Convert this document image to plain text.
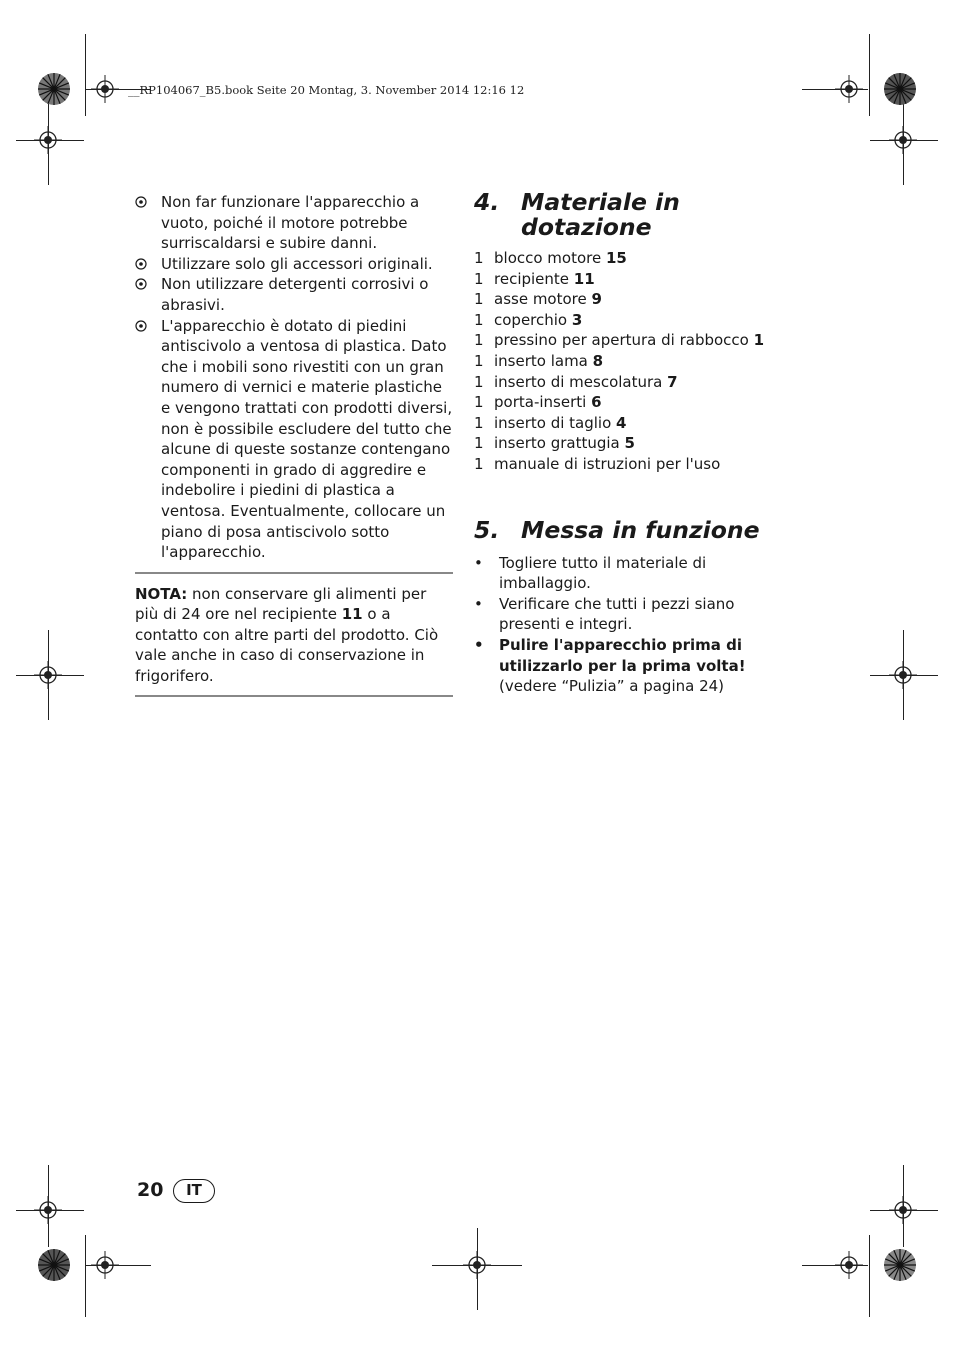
__RP104067_B5.book Seite 20 Montag, 3. November 2014 12:16 12
Non far funzionare l'apparecchio a vuoto, poiché il motore potrebbe surriscaldarsi e subire danni.
Utilizzare solo gli accessori originali.
Non utilizzare detergenti corrosivi o abrasivi.
L'apparecchio è dotato di piedini antiscivolo a ventosa di plastica. Dato che i mobili sono rivestiti con un gran numero di vernici e materie plastiche e vengono trattati con prodotti diversi, non è possibile escludere del tutto che alcune di queste sostanze contengano componenti in grado di aggredire e indebolire i piedini di plastica a ventosa. Eventualmente, collocare un piano di posa antiscivolo sotto l'apparecchio.

NOTA: non conservare gli alimenti per più di 24 ore nel recipiente 11 o a contatto con altre parti del prodotto. Ciò vale anche in caso di conservazione in frigorifero.

4. Materiale in dotazione
1 blocco motore 15
1 recipiente 11
1 asse motore 9
1 coperchio 3
1 pressino per apertura di rabbocco 1
1 inserto lama 8
1 inserto di mescolatura 7
1 porta-inserti 6
1 inserto di taglio 4
1 inserto grattugia 5
1 manuale di istruzioni per l'uso
5. Messa in funzione
• Togliere tutto il materiale di imballaggio.
• Verificare che tutti i pezzi siano presenti e integri.
• Pulire l'apparecchio prima di utilizzarlo per la prima volta! (vedere “Pulizia” a pagina 24)
20	IT
